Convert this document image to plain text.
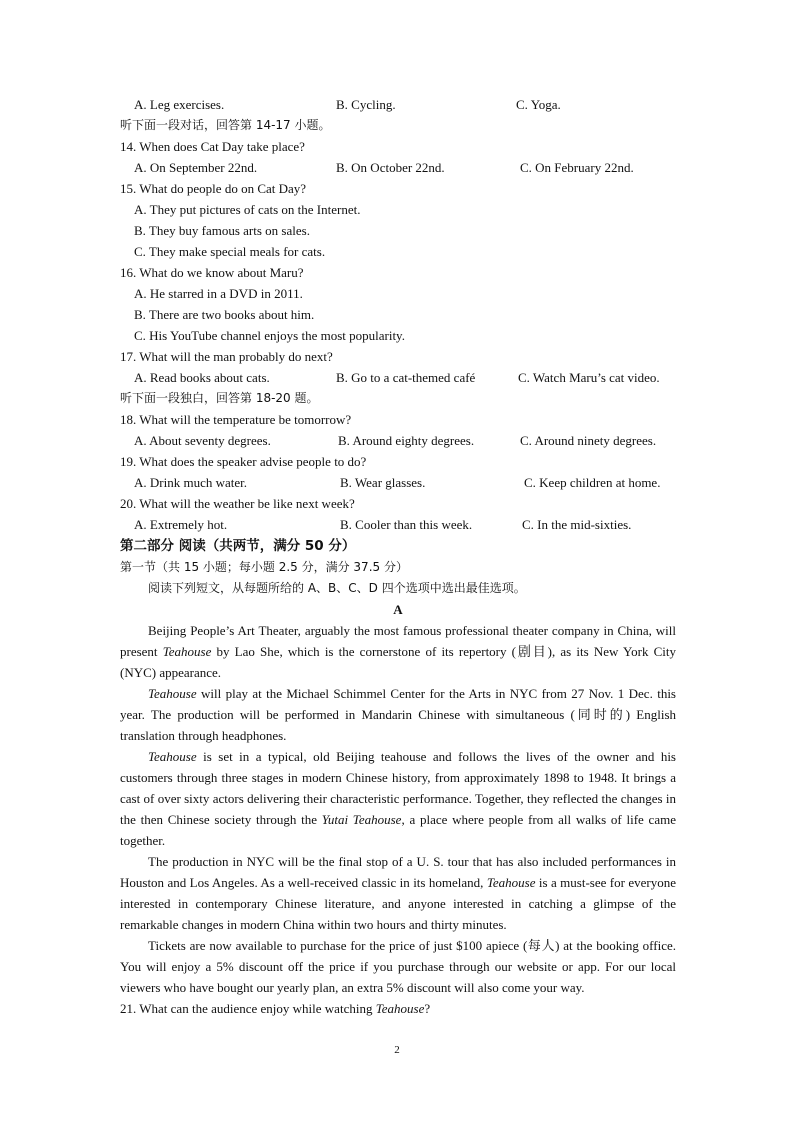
A. Leg exercises.	B. Cycling.	C. Yoga.
听下面一段对话，回答第 14-17 小题。
14. When does Cat Day take place?
A. On September 22nd.	B. On October 22nd.	C. On February 22nd.
15. What do people do on Cat Day?
A. They put pictures of cats on the Internet.
B. They buy famous arts on sales.
C. They make special meals for cats.
16. What do we know about Maru?
A. He starred in a DVD in 2011.
B. There are two books about him.
C. His YouTube channel enjoys the most popularity.
17. What will the man probably do next?
A. Read books about cats.	B. Go to a cat-themed café	C. Watch Maru’s cat video.
听下面一段独白，回答第 18-20 题。
18. What will the temperature be tomorrow?
A. About seventy degrees.	B. Around eighty degrees.	C. Around ninety degrees.
19. What does the speaker advise people to do?
A. Drink much water.	B. Wear glasses.	C. Keep children at home.
20. What will the weather be like next week?
A. Extremely hot.	B. Cooler than this week.	C. In the mid-sixties.
第二部分 阅读（共两节，满分 50 分）
第一节（共 15 小题；每小题 2.5 分，满分 37.5 分）
阅读下列短文，从每题所给的 A、B、C、D 四个选项中选出最佳选项。
A

Beijing People’s Art Theater, arguably the most famous professional theater company in China, will present Teahouse by Lao She, which is the cornerstone of its repertory (剧目), as its New York City (NYC) appearance.

Teahouse will play at the Michael Schimmel Center for the Arts in NYC from 27 Nov. 1 Dec. this year. The production will be performed in Mandarin Chinese with simultaneous (同时的) English translation through headphones.

Teahouse is set in a typical, old Beijing teahouse and follows the lives of the owner and his customers through three stages in modern Chinese history, from approximately 1898 to 1948. It brings a cast of over sixty actors delivering their characteristic performance. Together, they reflected the changes in the then Chinese society through the Yutai Teahouse, a place where people from all walks of life came together.

The production in NYC will be the final stop of a U. S. tour that has also included performances in Houston and Los Angeles. As a well-received classic in its homeland, Teahouse is a must-see for everyone interested in contemporary Chinese literature, and anyone interested in catching a glimpse of the remarkable changes in modern China within two hours and thirty minutes.

Tickets are now available to purchase for the price of just $100 apiece (每人) at the booking office. You will enjoy a 5% discount off the price if you purchase through our website or app. For our local viewers who have bought our yearly plan, an extra 5% discount will also come your way.

21. What can the audience enjoy while watching Teahouse?
2
